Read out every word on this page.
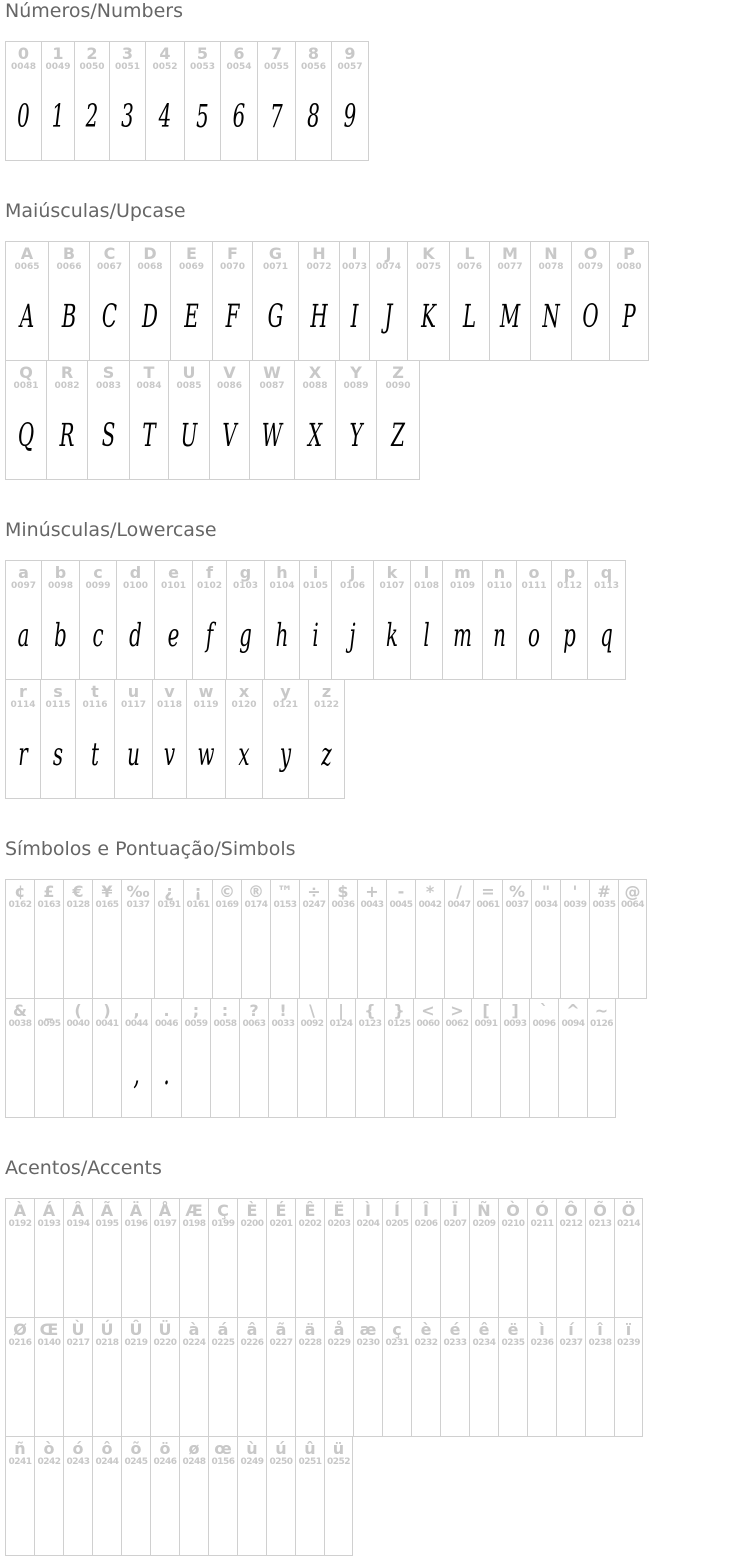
Números/Numbers
0
0048
0
1
0049
1
2
0050
2
3
0051
3
4
0052
4
5
0053
5
6
0054
6
7
0055
7
8
0056
8
9
0057
9
Maiúsculas/Upcase
A
0065
A
B
0066
B
C
0067
C
D
0068
D
E
0069
E
F
0070
F
G
0071
G
H
0072
H
I
0073
I
J
0074
J
K
0075
K
L
0076
L
M
0077
M
N
0078
N
O
0079
O
P
0080
P
Q
0081
Q
R
0082
R
S
0083
S
T
0084
T
U
0085
U
V
0086
V
W
0087
W
X
0088
X
Y
0089
Y
Z
0090
Z
Minúsculas/Lowercase
a
0097
a
b
0098
b
c
0099
c
d
0100
d
e
0101
e
f
0102
f
g
0103
g
h
0104
h
i
0105
i
j
0106
j
k
0107
k
l
0108
l
m
0109
m
n
0110
n
o
0111
o
p
0112
p
q
0113
q
r
0114
r
s
0115
s
t
0116
t
u
0117
u
v
0118
v
w
0119
w
x
0120
x
y
0121
y
z
0122
z
Símbolos e Pontuação/Simbols
¢
0162
£
0163
€
0128
¥
0165
‰
0137
¿
0191
¡
0161
©
0169
®
0174
™
0153
÷
0247
$
0036
+
0043
-
0045
*
0042
/
0047
=
0061
%
0037
"
0034
'
0039
#
0035
@
0064
&
0038
_
0095
(
0040
)
0041
,
0044
,
.
0046
.
;
0059
:
0058
?
0063
!
0033
\
0092
|
0124
{
0123
}
0125
<
0060
>
0062
[
0091
]
0093
`
0096
^
0094
~
0126
Acentos/Accents
À
0192
Á
0193
Â
0194
Ã
0195
Ä
0196
Å
0197
Æ
0198
Ç
0199
È
0200
É
0201
Ê
0202
Ë
0203
Ì
0204
Í
0205
Î
0206
Ï
0207
Ñ
0209
Ò
0210
Ó
0211
Ô
0212
Õ
0213
Ö
0214
Ø
0216
Œ
0140
Ù
0217
Ú
0218
Û
0219
Ü
0220
à
0224
á
0225
â
0226
ã
0227
ä
0228
å
0229
æ
0230
ç
0231
è
0232
é
0233
ê
0234
ë
0235
ì
0236
í
0237
î
0238
ï
0239
ñ
0241
ò
0242
ó
0243
ô
0244
õ
0245
ö
0246
ø
0248
œ
0156
ù
0249
ú
0250
û
0251
ü
0252
